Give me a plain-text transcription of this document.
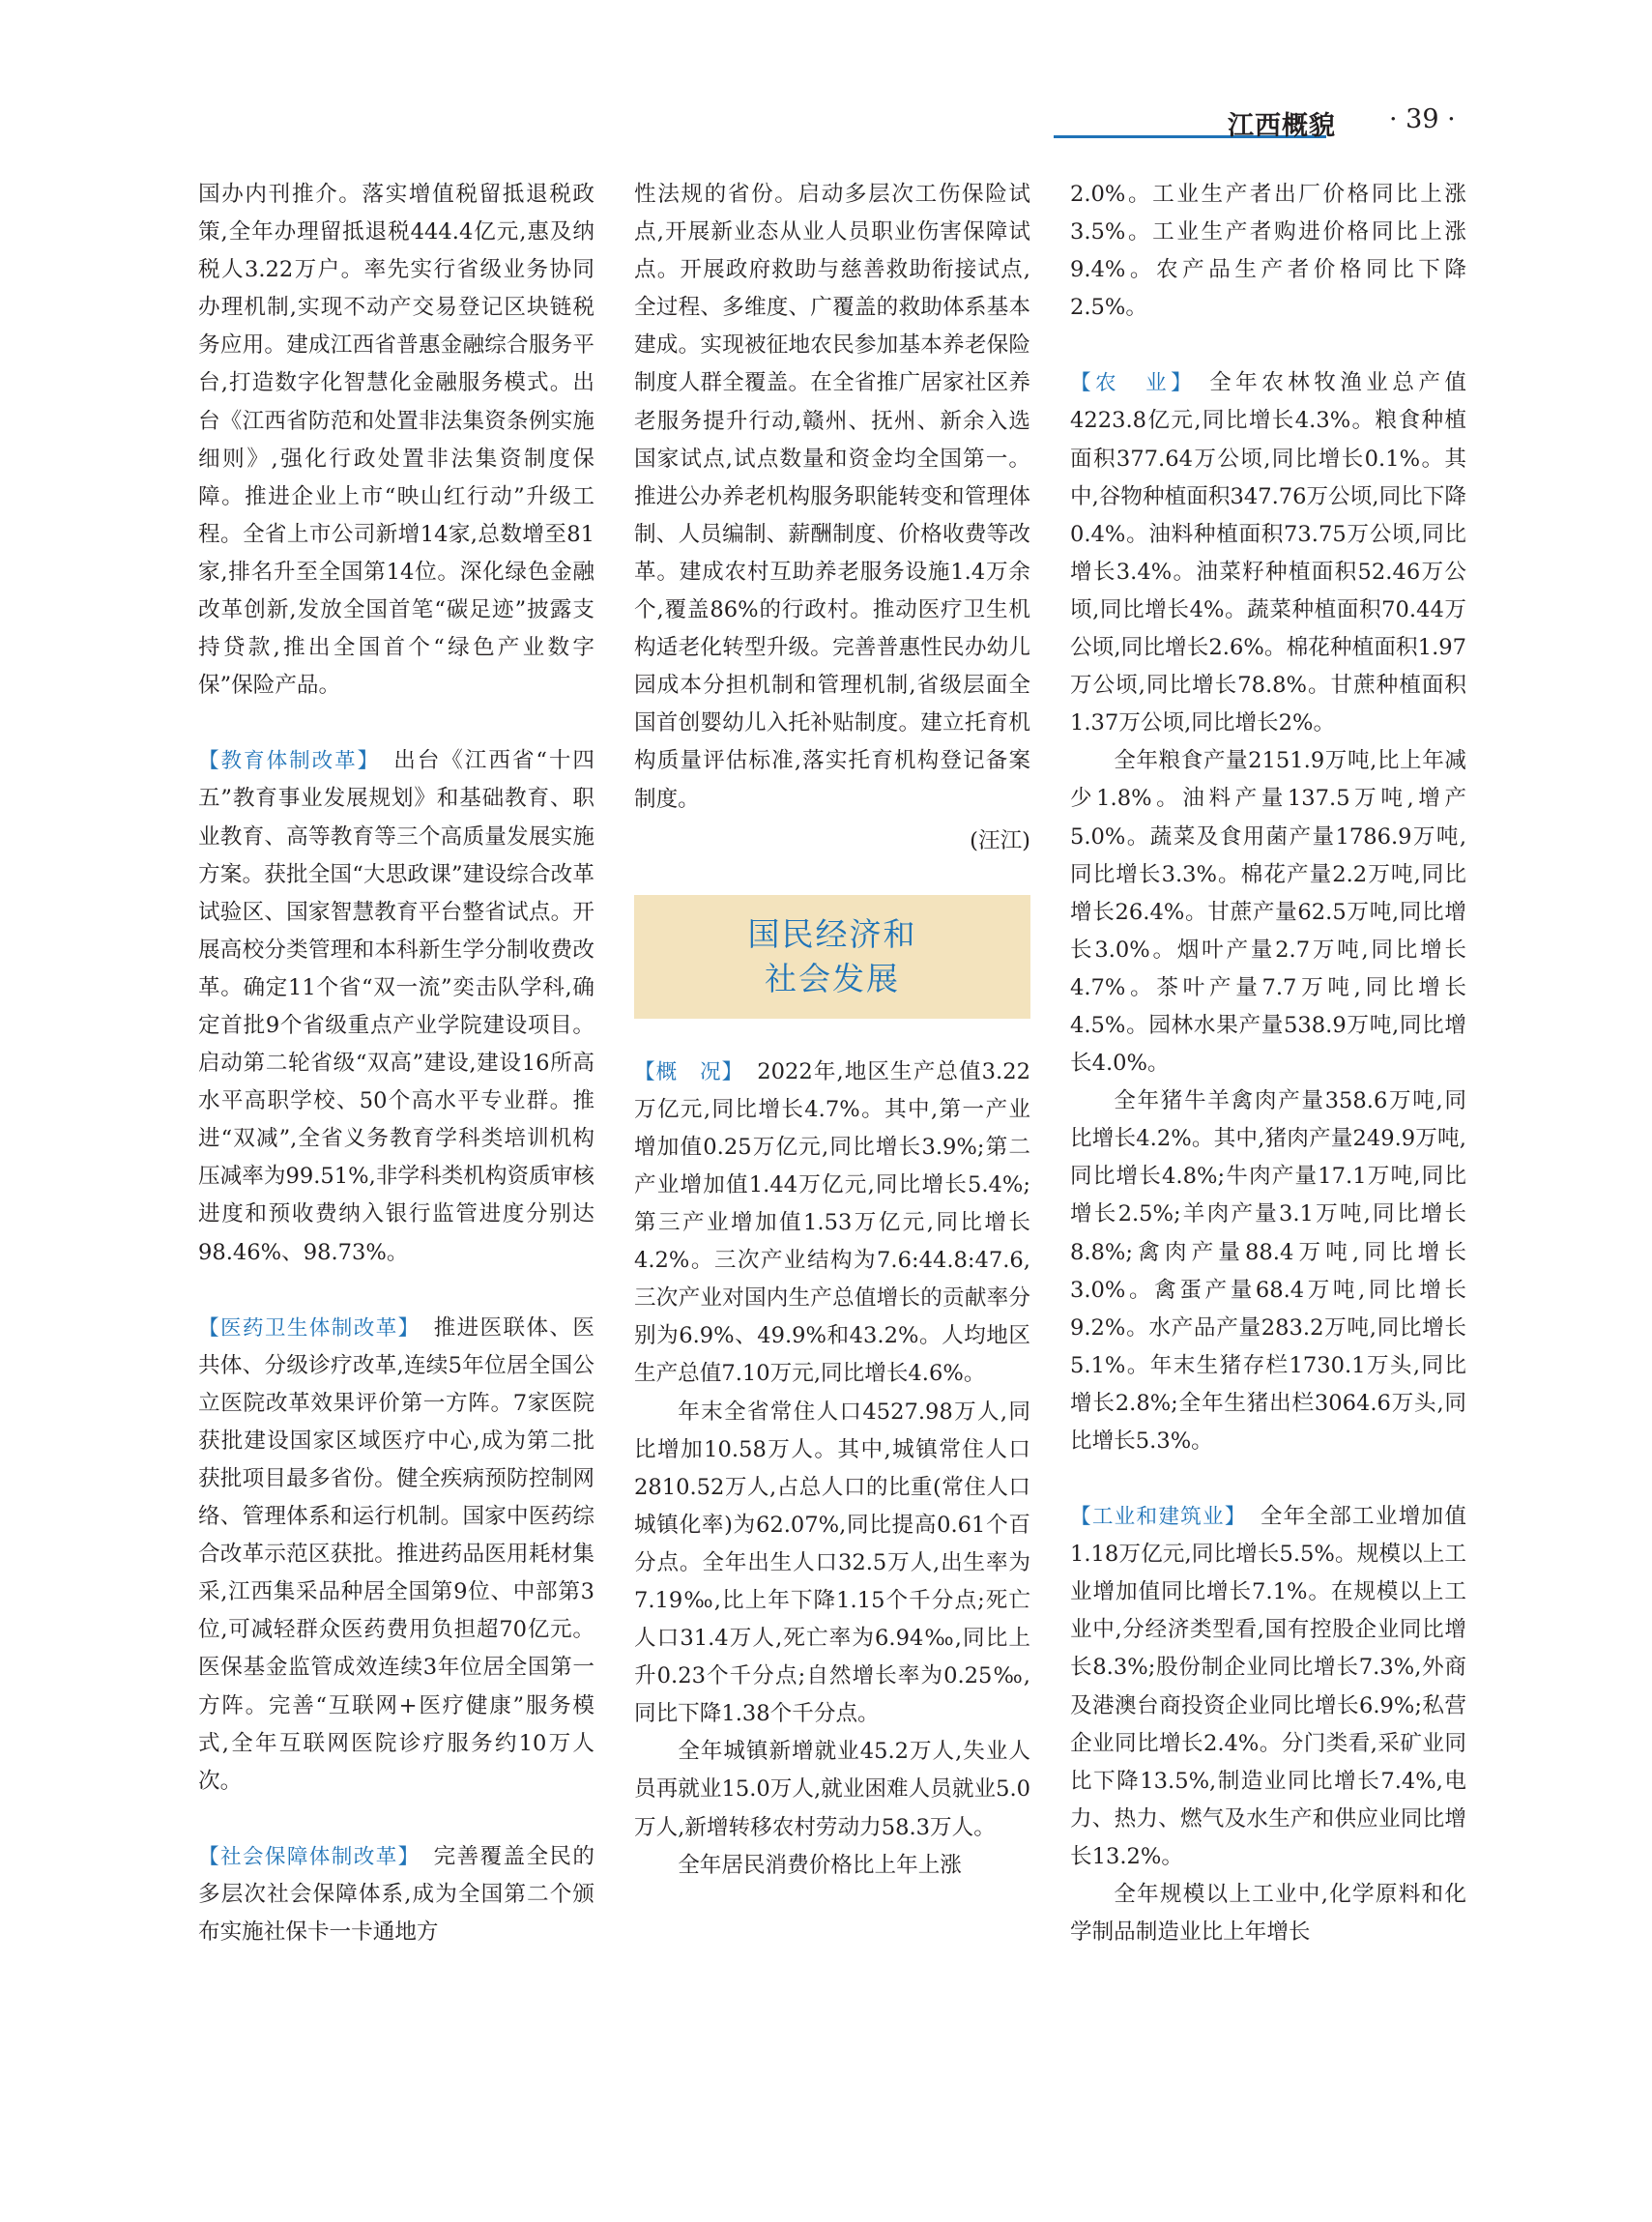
江西概貌 · 39 ·

国办内刊推介。落实增值税留抵退税政策,全年办理留抵退税444.4亿元,惠及纳税人3.22万户。率先实行省级业务协同办理机制,实现不动产交易登记区块链税务应用。建成江西省普惠金融综合服务平台,打造数字化智慧化金融服务模式。出台《江西省防范和处置非法集资条例实施细则》,强化行政处置非法集资制度保障。推进企业上市“映山红行动”升级工程。全省上市公司新增14家,总数增至81家,排名升至全国第14位。深化绿色金融改革创新,发放全国首笔“碳足迹”披露支持贷款,推出全国首个“绿色产业数字保”保险产品。

【教育体制改革】 出台《江西省“十四五”教育事业发展规划》和基础教育、职业教育、高等教育等三个高质量发展实施方案。获批全国“大思政课”建设综合改革试验区、国家智慧教育平台整省试点。开展高校分类管理和本科新生学分制收费改革。确定11个省“双一流”奕击队学科,确定首批9个省级重点产业学院建设项目。启动第二轮省级“双高”建设,建设16所高水平高职学校、50个高水平专业群。推进“双减”,全省义务教育学科类培训机构压减率为99.51%,非学科类机构资质审核进度和预收费纳入银行监管进度分别达98.46%、98.73%。

【医药卫生体制改革】 推进医联体、医共体、分级诊疗改革,连续5年位居全国公立医院改革效果评价第一方阵。7家医院获批建设国家区域医疗中心,成为第二批获批项目最多省份。健全疾病预防控制网络、管理体系和运行机制。国家中医药综合改革示范区获批。推进药品医用耗材集采,江西集采品种居全国第9位、中部第3位,可减轻群众医药费用负担超70亿元。医保基金监管成效连续3年位居全国第一方阵。完善“互联网+医疗健康”服务模式,全年互联网医院诊疗服务约10万人次。

【社会保障体制改革】 完善覆盖全民的多层次社会保障体系,成为全国第二个颁布实施社保卡一卡通地方

性法规的省份。启动多层次工伤保险试点,开展新业态从业人员职业伤害保障试点。开展政府救助与慈善救助衔接试点,全过程、多维度、广覆盖的救助体系基本建成。实现被征地农民参加基本养老保险制度人群全覆盖。在全省推广居家社区养老服务提升行动,赣州、抚州、新余入选国家试点,试点数量和资金均全国第一。推进公办养老机构服务职能转变和管理体制、人员编制、薪酬制度、价格收费等改革。建成农村互助养老服务设施1.4万余个,覆盖86%的行政村。推动医疗卫生机构适老化转型升级。完善普惠性民办幼儿园成本分担机制和管理机制,省级层面全国首创婴幼儿入托补贴制度。建立托育机构质量评估标准,落实托育机构登记备案制度。

(汪江)

国民经济和
社会发展

【概　况】 2022年,地区生产总值3.22万亿元,同比增长4.7%。其中,第一产业增加值0.25万亿元,同比增长3.9%;第二产业增加值1.44万亿元,同比增长5.4%;第三产业增加值1.53万亿元,同比增长4.2%。三次产业结构为7.6:44.8:47.6,三次产业对国内生产总值增长的贡献率分别为6.9%、49.9%和43.2%。人均地区生产总值7.10万元,同比增长4.6%。

年末全省常住人口4527.98万人,同比增加10.58万人。其中,城镇常住人口2810.52万人,占总人口的比重(常住人口城镇化率)为62.07%,同比提高0.61个百分点。全年出生人口32.5万人,出生率为7.19‰,比上年下降1.15个千分点;死亡人口31.4万人,死亡率为6.94‰,同比上升0.23个千分点;自然增长率为0.25‰,同比下降1.38个千分点。

全年城镇新增就业45.2万人,失业人员再就业15.0万人,就业困难人员就业5.0万人,新增转移农村劳动力58.3万人。

全年居民消费价格比上年上涨

2.0%。工业生产者出厂价格同比上涨3.5%。工业生产者购进价格同比上涨9.4%。农产品生产者价格同比下降2.5%。

【农　业】 全年农林牧渔业总产值4223.8亿元,同比增长4.3%。粮食种植面积377.64万公顷,同比增长0.1%。其中,谷物种植面积347.76万公顷,同比下降0.4%。油料种植面积73.75万公顷,同比增长3.4%。油菜籽种植面积52.46万公顷,同比增长4%。蔬菜种植面积70.44万公顷,同比增长2.6%。棉花种植面积1.97万公顷,同比增长78.8%。甘蔗种植面积1.37万公顷,同比增长2%。

全年粮食产量2151.9万吨,比上年减少1.8%。油料产量137.5万吨,增产5.0%。蔬菜及食用菌产量1786.9万吨,同比增长3.3%。棉花产量2.2万吨,同比增长26.4%。甘蔗产量62.5万吨,同比增长3.0%。烟叶产量2.7万吨,同比增长4.7%。茶叶产量7.7万吨,同比增长4.5%。园林水果产量538.9万吨,同比增长4.0%。

全年猪牛羊禽肉产量358.6万吨,同比增长4.2%。其中,猪肉产量249.9万吨,同比增长4.8%;牛肉产量17.1万吨,同比增长2.5%;羊肉产量3.1万吨,同比增长8.8%;禽肉产量88.4万吨,同比增长3.0%。禽蛋产量68.4万吨,同比增长9.2%。水产品产量283.2万吨,同比增长5.1%。年末生猪存栏1730.1万头,同比增长2.8%;全年生猪出栏3064.6万头,同比增长5.3%。

【工业和建筑业】 全年全部工业增加值1.18万亿元,同比增长5.5%。规模以上工业增加值同比增长7.1%。在规模以上工业中,分经济类型看,国有控股企业同比增长8.3%;股份制企业同比增长7.3%,外商及港澳台商投资企业同比增长6.9%;私营企业同比增长2.4%。分门类看,采矿业同比下降13.5%,制造业同比增长7.4%,电力、热力、燃气及水生产和供应业同比增长13.2%。

全年规模以上工业中,化学原料和化学制品制造业比上年增长
